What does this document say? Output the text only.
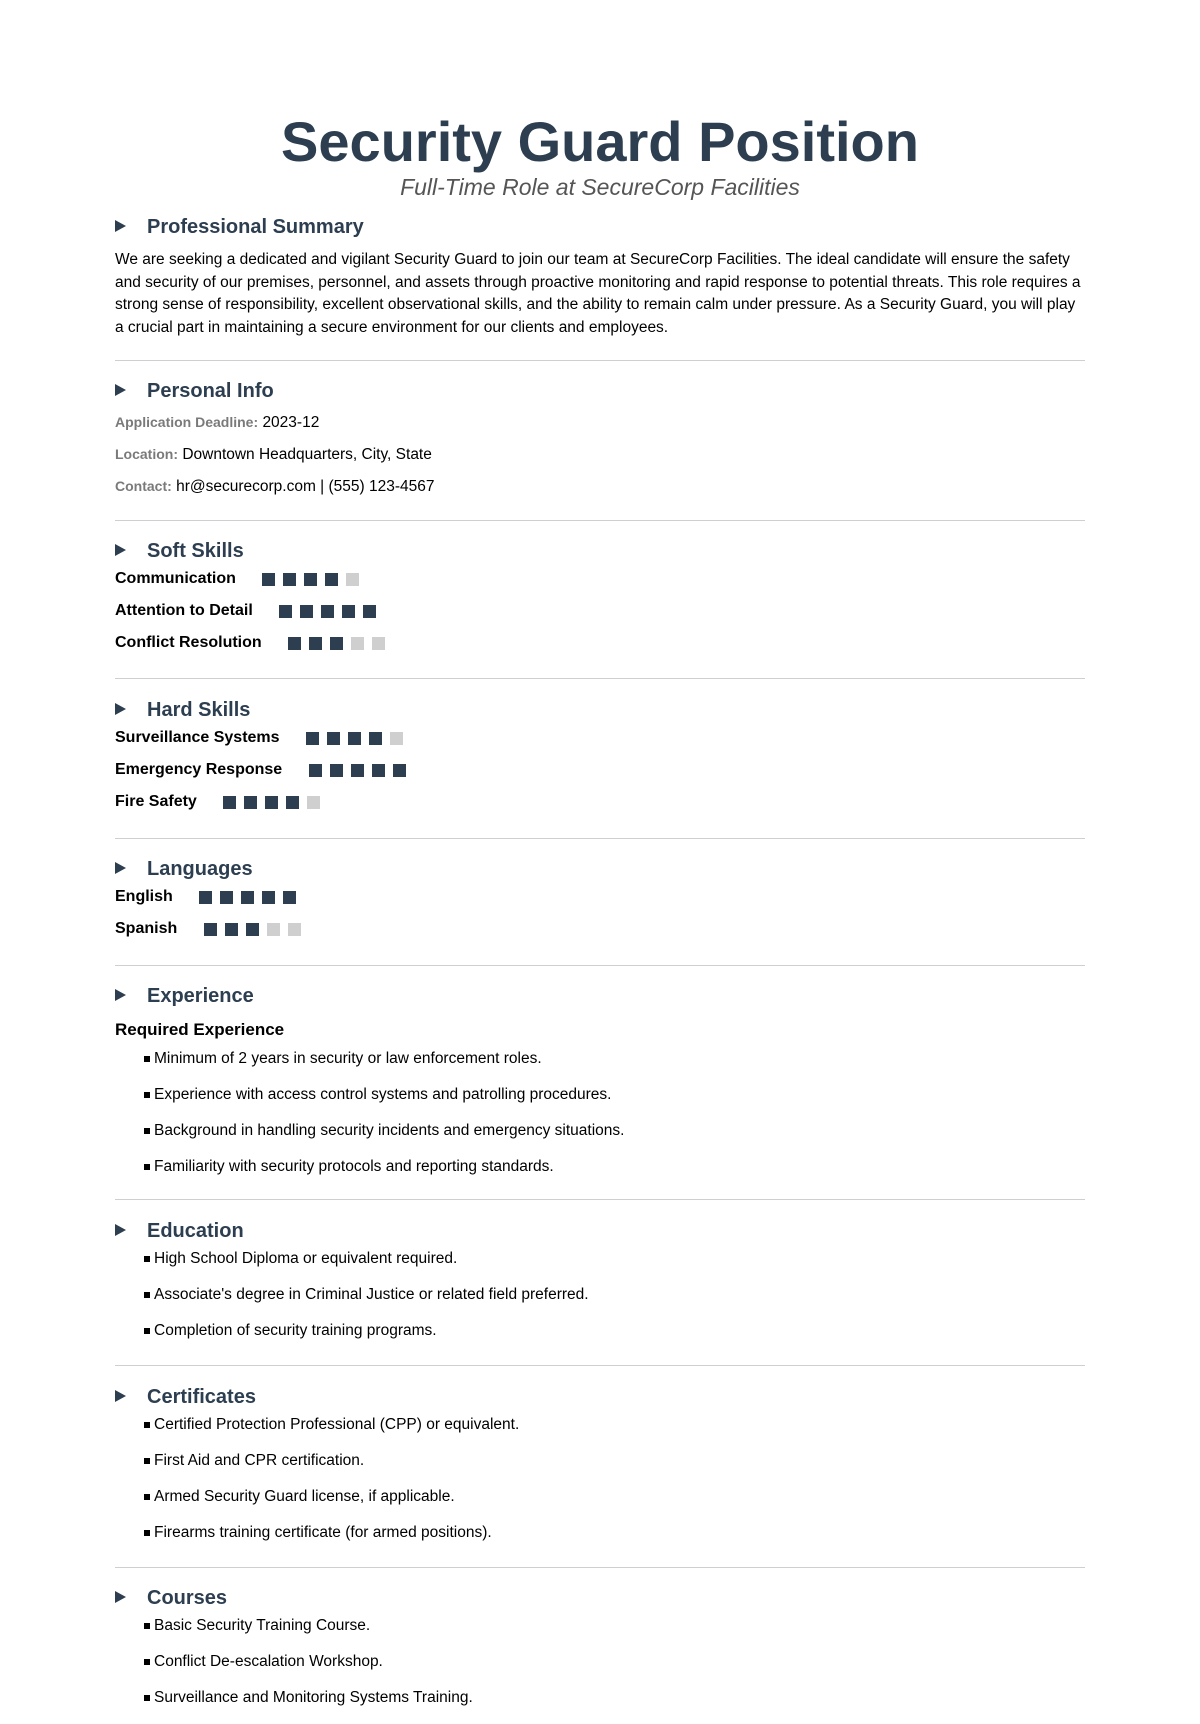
Security Guard Position
Full-Time Role at SecureCorp Facilities
Professional Summary
We are seeking a dedicated and vigilant Security Guard to join our team at SecureCorp Facilities. The ideal candidate will ensure the safety and security of our premises, personnel, and assets through proactive monitoring and rapid response to potential threats. This role requires a strong sense of responsibility, excellent observational skills, and the ability to remain calm under pressure. As a Security Guard, you will play a crucial part in maintaining a secure environment for our clients and employees.
Personal Info
Application Deadline: 2023-12
Location: Downtown Headquarters, City, State
Contact: hr@securecorp.com | (555) 123-4567
Soft Skills
Communication
Attention to Detail
Conflict Resolution
Hard Skills
Surveillance Systems
Emergency Response
Fire Safety
Languages
English
Spanish
Experience
Required Experience
Minimum of 2 years in security or law enforcement roles.
Experience with access control systems and patrolling procedures.
Background in handling security incidents and emergency situations.
Familiarity with security protocols and reporting standards.
Education
High School Diploma or equivalent required.
Associate's degree in Criminal Justice or related field preferred.
Completion of security training programs.
Certificates
Certified Protection Professional (CPP) or equivalent.
First Aid and CPR certification.
Armed Security Guard license, if applicable.
Firearms training certificate (for armed positions).
Courses
Basic Security Training Course.
Conflict De-escalation Workshop.
Surveillance and Monitoring Systems Training.
